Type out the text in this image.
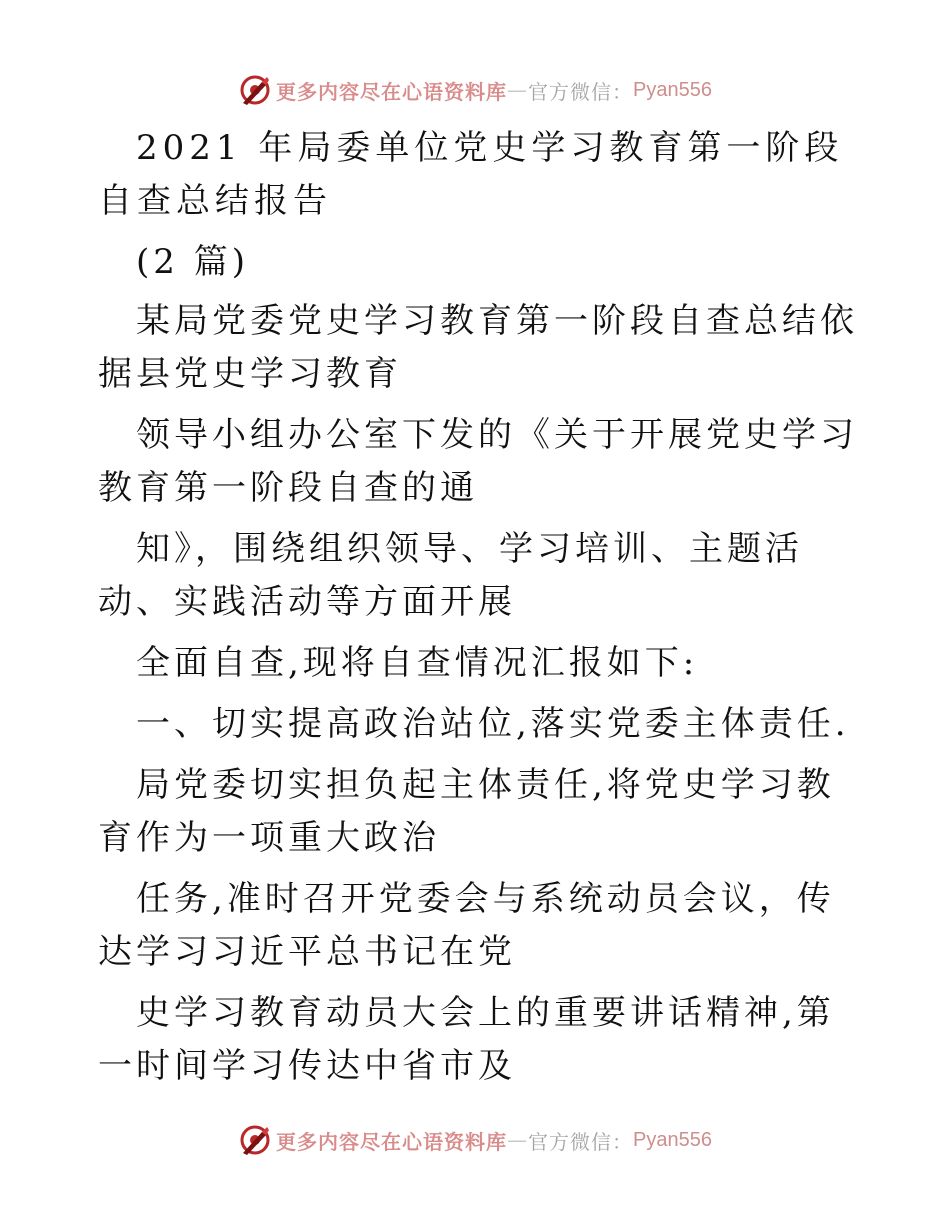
更多内容尽在心语资料库 — 官方微信： Pyan556

2021 年局委单位党史学习教育第一阶段自查总结报告

(2 篇)

某局党委党史学习教育第一阶段自查总结依据县党史学习教育

领导小组办公室下发的《关于开展党史学习教育第一阶段自查的通

知》，围绕组织领导、学习培训、主题活动、实践活动等方面开展

全面自查,现将自查情况汇报如下:

一、切实提高政治站位,落实党委主体责任.

局党委切实担负起主体责任,将党史学习教育作为一项重大政治

任务,准时召开党委会与系统动员会议，传达学习习近平总书记在党

史学习教育动员大会上的重要讲话精神,第一时间学习传达中省市及

更多内容尽在心语资料库 — 官方微信： Pyan556
